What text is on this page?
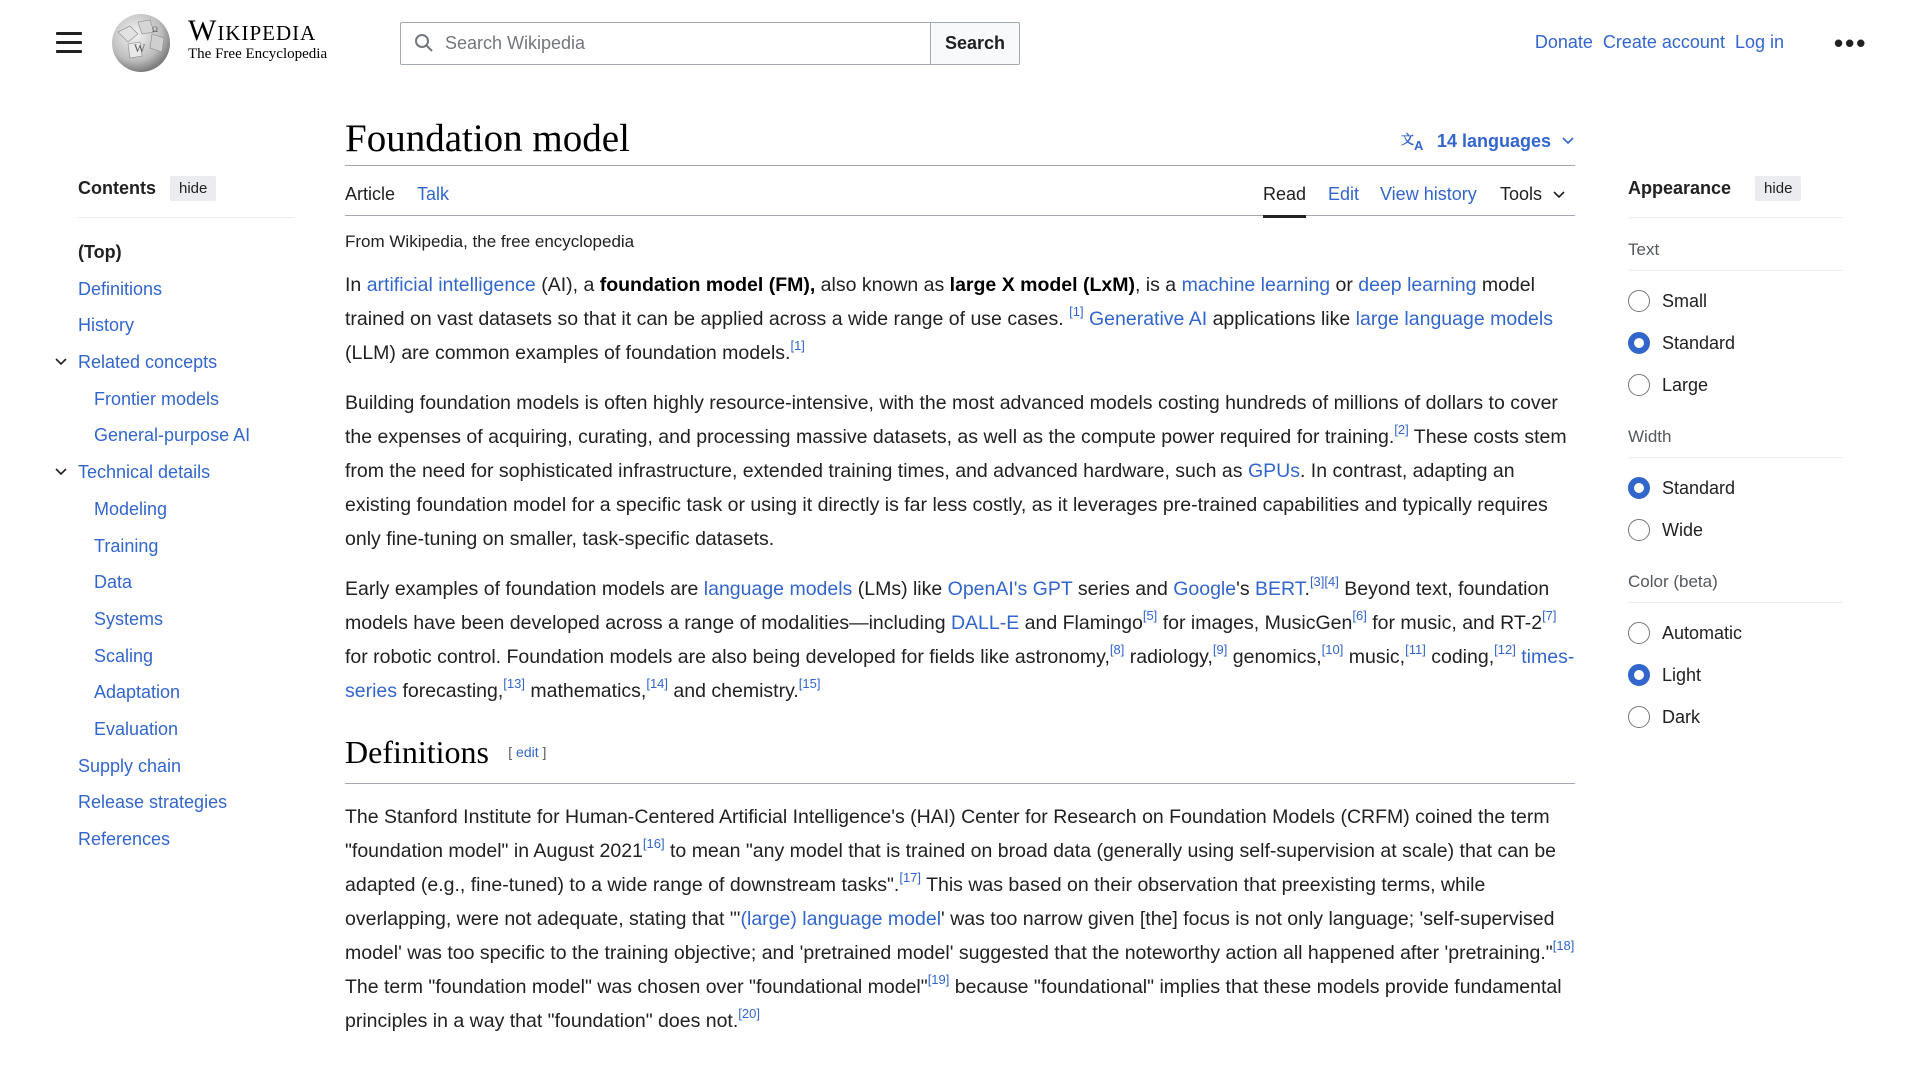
W
Ω Wikipedia
The Free Encyclopedia
Search Wikipedia
Search	Donate Create account Log in •••
Contents	hide
(Top)
Definitions
History
Related concepts
Frontier models
General-purpose AI
Technical details
Modeling
Training
Data
Systems
Scaling
Adaptation
Evaluation
Supply chain
Release strategies
References
Foundation model	文 A 14 languages
Article Talk	Read Edit View history Tools
From Wikipedia, the free encyclopedia

In artificial intelligence (AI), a foundation model (FM), also known as large X model (LxM), is a machine learning or deep learning model trained on vast datasets so that it can be applied across a wide range of use cases. [1] Generative AI applications like large language models (LLM) are common examples of foundation models.[1]

Building foundation models is often highly resource-intensive, with the most advanced models costing hundreds of millions of dollars to cover the expenses of acquiring, curating, and processing massive datasets, as well as the compute power required for training.[2] These costs stem from the need for sophisticated infrastructure, extended training times, and advanced hardware, such as GPUs. In contrast, adapting an existing foundation model for a specific task or using it directly is far less costly, as it leverages pre-trained capabilities and typically requires only fine-tuning on smaller, task-specific datasets.

Early examples of foundation models are language models (LMs) like OpenAI's GPT series and Google's BERT.[3][4] Beyond text, foundation models have been developed across a range of modalities—including DALL-E and Flamingo[5] for images, MusicGen[6] for music, and RT-2[7] for robotic control. Foundation models are also being developed for fields like astronomy,[8] radiology,[9] genomics,[10] music,[11] coding,[12] times-series forecasting,[13] mathematics,[14] and chemistry.[15]

Definitions [ edit ]

The Stanford Institute for Human-Centered Artificial Intelligence's (HAI) Center for Research on Foundation Models (CRFM) coined the term "foundation model" in August 2021[16] to mean "any model that is trained on broad data (generally using self-supervision at scale) that can be adapted (e.g., fine-tuned) to a wide range of downstream tasks".[17] This was based on their observation that preexisting terms, while overlapping, were not adequate, stating that "'(large) language model' was too narrow given [the] focus is not only language; 'self-supervised model' was too specific to the training objective; and 'pretrained model' suggested that the noteworthy action all happened after 'pretraining."[18] The term "foundation model" was chosen over "foundational model"[19] because "foundational" implies that these models provide fundamental principles in a way that "foundation" does not.[20]

Appearance	hide
Text
Small
Standard
Large
Width
Standard
Wide
Color (beta)
Automatic
Light
Dark
